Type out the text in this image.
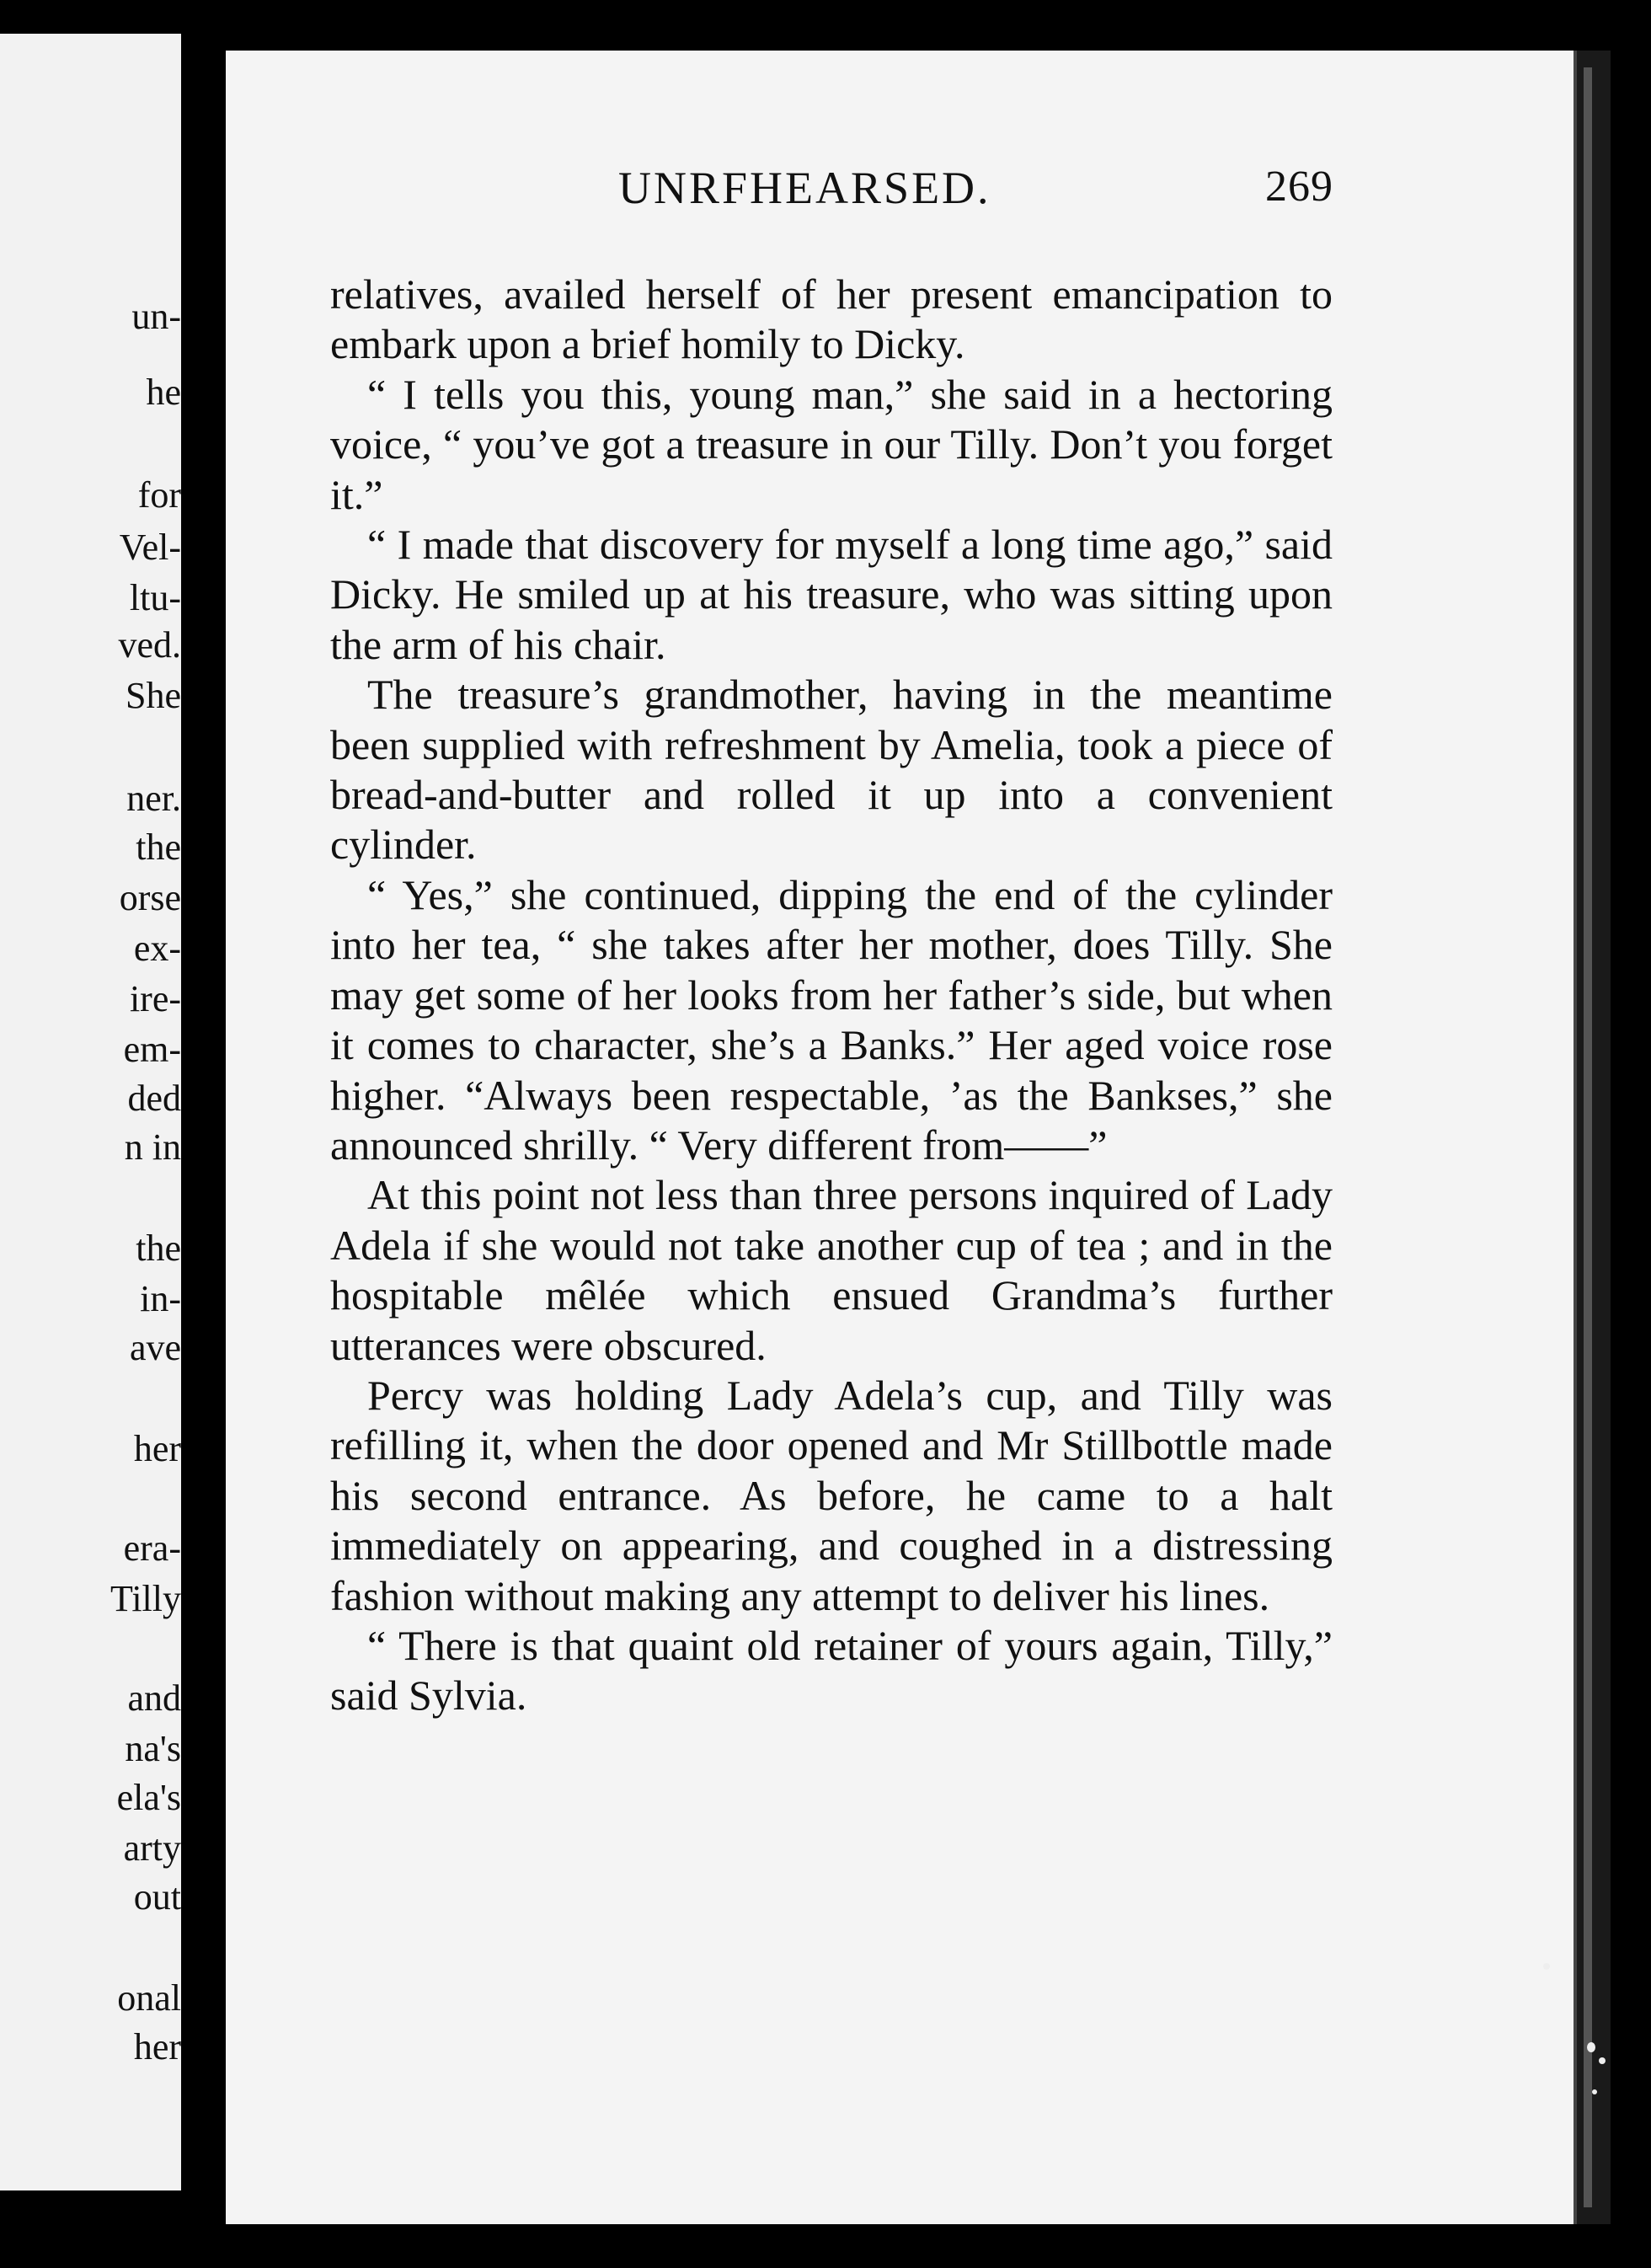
un-
he
for
Vel-
ltu-
ved.
She
ner.
the
orse
ex-
ire-
em-
ded
n in
the
in-
ave
her
era-
Tilly
and
na's
ela's
arty
out
onal
her
UNRFHEARSED.	269

relatives, availed herself of her present emancipation to embark upon a brief homily to Dicky.

“ I tells you this, young man,” she said in a hectoring voice, “ you’ve got a treasure in our Tilly. Don’t you forget it.”

“ I made that discovery for myself a long time ago,” said Dicky. He smiled up at his treasure, who was sitting upon the arm of his chair.

The treasure’s grandmother, having in the meantime been supplied with refreshment by Amelia, took a piece of bread-and-butter and rolled it up into a convenient cylinder.

“ Yes,” she continued, dipping the end of the cylinder into her tea, “ she takes after her mother, does Tilly. She may get some of her looks from her father’s side, but when it comes to character, she’s a Banks.” Her aged voice rose higher. “Always been respectable, ’as the Bankses,” she announced shrilly. “ Very different from——”

At this point not less than three persons inquired of Lady Adela if she would not take another cup of tea ; and in the hospitable mêlée which ensued Grandma’s further utterances were obscured.

Percy was holding Lady Adela’s cup, and Tilly was refilling it, when the door opened and Mr Stillbottle made his second entrance. As before, he came to a halt immediately on appearing, and coughed in a distressing fashion without making any attempt to deliver his lines.

“ There is that quaint old retainer of yours again, Tilly,” said Sylvia.
